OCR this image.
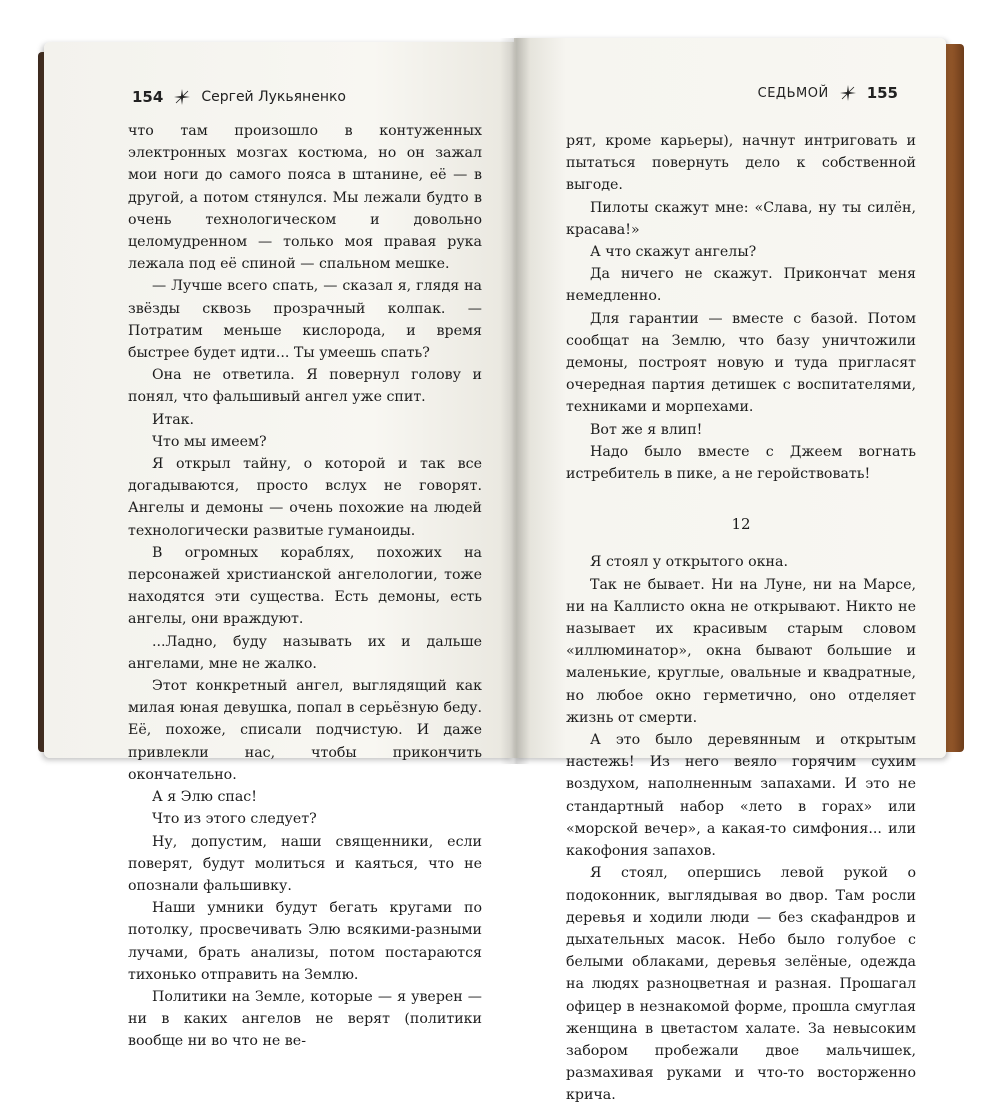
154	Сергей Лукьяненко

что там произошло в контуженных электронных мозгах костюма, но он зажал мои ноги до самого пояса в штанине, её — в другой, а потом стянулся. Мы лежали будто в очень технологическом и довольно целомудренном — только моя правая рука лежала под её спиной — спальном мешке.

— Лучше всего спать, — сказал я, глядя на звёзды сквозь прозрачный колпак. — Потратим меньше кислорода, и время быстрее будет идти... Ты умеешь спать?

Она не ответила. Я повернул голову и понял, что фальшивый ангел уже спит.

Итак.

Что мы имеем?

Я открыл тайну, о которой и так все догадываются, просто вслух не говорят. Ангелы и демоны — очень похожие на людей технологически развитые гуманоиды.

В огромных кораблях, похожих на персонажей христианской ангелологии, тоже находятся эти существа. Есть демоны, есть ангелы, они враждуют.

...Ладно, буду называть их и дальше ангелами, мне не жалко.

Этот конкретный ангел, выглядящий как милая юная девушка, попал в серьёзную беду. Её, похоже, списали подчистую. И даже привлекли нас, чтобы прикончить окончательно.

А я Элю спас!

Что из этого следует?

Ну, допустим, наши священники, если поверят, будут молиться и каяться, что не опознали фальшивку.

Наши умники будут бегать кругами по потолку, просвечивать Элю всякими-разными лучами, брать анализы, потом постараются тихонько отправить на Землю.

Политики на Земле, которые — я уверен — ни в каких ангелов не верят (политики вообще ни во что не ве-

СЕДЬМОЙ	155

рят, кроме карьеры), начнут интриговать и пытаться повернуть дело к собственной выгоде.

Пилоты скажут мне: «Слава, ну ты силён, красава!»

А что скажут ангелы?

Да ничего не скажут. Прикончат меня немедленно.

Для гарантии — вместе с базой. Потом сообщат на Землю, что базу уничтожили демоны, построят новую и туда пригласят очередная партия детишек с воспитателями, техниками и морпехами.

Вот же я влип!

Надо было вместе с Джеем вогнать истребитель в пике, а не геройствовать!

12

Я стоял у открытого окна.

Так не бывает. Ни на Луне, ни на Марсе, ни на Каллисто окна не открывают. Никто не называет их красивым старым словом «иллюминатор», окна бывают большие и маленькие, круглые, овальные и квадратные, но любое окно герметично, оно отделяет жизнь от смерти.

А это было деревянным и открытым настежь! Из него веяло горячим сухим воздухом, наполненным запахами. И это не стандартный набор «лето в горах» или «морской вечер», а какая-то симфония... или какофония запахов.

Я стоял, опершись левой рукой о подоконник, выглядывая во двор. Там росли деревья и ходили люди — без скафандров и дыхательных масок. Небо было голубое с белыми облаками, деревья зелёные, одежда на людях разноцветная и разная. Прошагал офицер в незнакомой форме, прошла смуглая женщина в цветастом халате. За невысоким забором пробежали двое мальчишек, размахивая руками и что-то восторженно крича.
